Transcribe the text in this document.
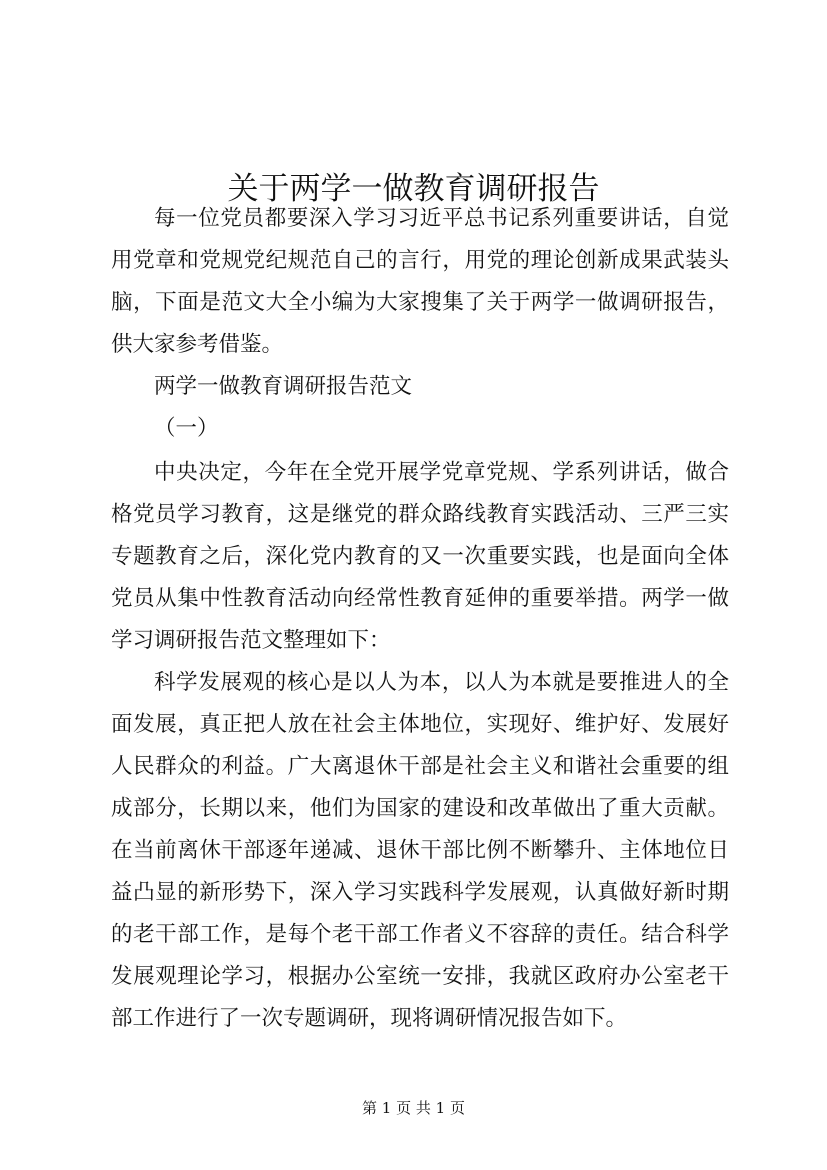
关于两学一做教育调研报告

每一位党员都要深入学习习近平总书记系列重要讲话，自觉用党章和党规党纪规范自己的言行，用党的理论创新成果武装头脑，下面是范文大全小编为大家搜集了关于两学一做调研报告，供大家参考借鉴。

两学一做教育调研报告范文

（一）

中央决定，今年在全党开展学党章党规、学系列讲话，做合格党员学习教育，这是继党的群众路线教育实践活动、三严三实专题教育之后，深化党内教育的又一次重要实践，也是面向全体党员从集中性教育活动向经常性教育延伸的重要举措。两学一做学习调研报告范文整理如下：

科学发展观的核心是以人为本，以人为本就是要推进人的全面发展，真正把人放在社会主体地位，实现好、维护好、发展好人民群众的利益。广大离退休干部是社会主义和谐社会重要的组成部分，长期以来，他们为国家的建设和改革做出了重大贡献。在当前离休干部逐年递减、退休干部比例不断攀升、主体地位日益凸显的新形势下，深入学习实践科学发展观，认真做好新时期的老干部工作，是每个老干部工作者义不容辞的责任。结合科学发展观理论学习，根据办公室统一安排，我就区政府办公室老干部工作进行了一次专题调研，现将调研情况报告如下。

第 1 页 共 1 页
